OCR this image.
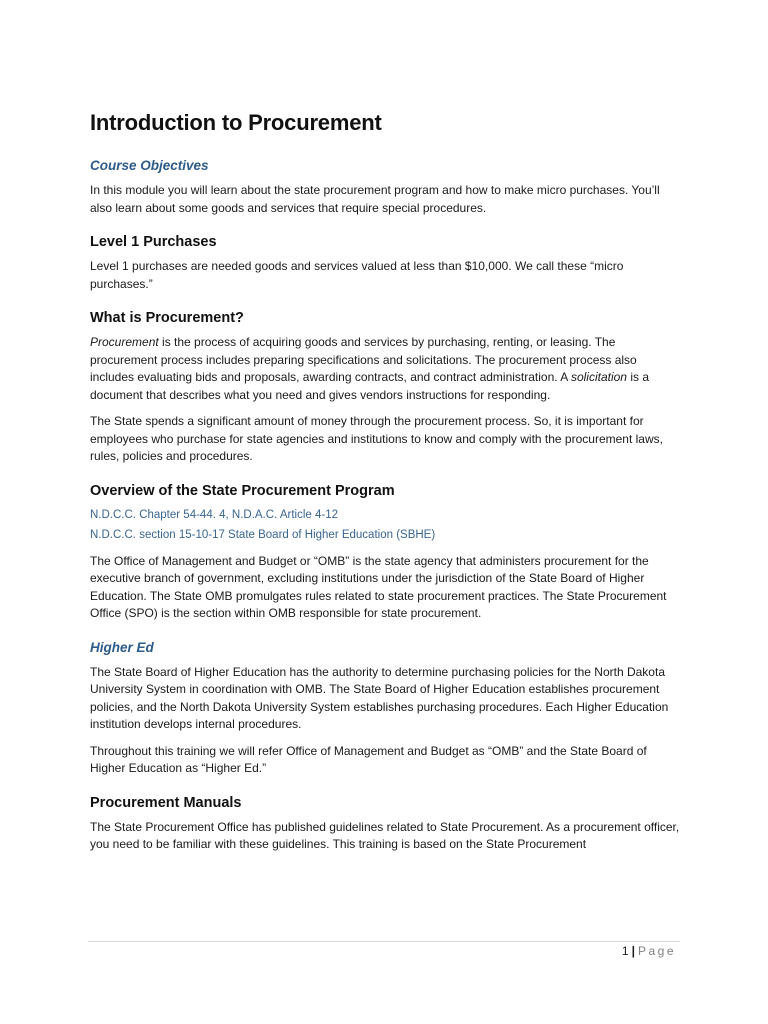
Introduction to Procurement
Course Objectives

In this module you will learn about the state procurement program and how to make micro purchases. You’ll also learn about some goods and services that require special procedures.

Level 1 Purchases

Level 1 purchases are needed goods and services valued at less than $10,000. We call these “micro purchases.”

What is Procurement?

Procurement is the process of acquiring goods and services by purchasing, renting, or leasing. The procurement process includes preparing specifications and solicitations. The procurement process also includes evaluating bids and proposals, awarding contracts, and contract administration. A solicitation is a document that describes what you need and gives vendors instructions for responding.

The State spends a significant amount of money through the procurement process. So, it is important for employees who purchase for state agencies and institutions to know and comply with the procurement laws, rules, policies and procedures.

Overview of the State Procurement Program

N.D.C.C. Chapter 54-44. 4, N.D.A.C. Article 4-12

N.D.C.C. section 15-10-17 State Board of Higher Education (SBHE)

The Office of Management and Budget or “OMB” is the state agency that administers procurement for the executive branch of government, excluding institutions under the jurisdiction of the State Board of Higher Education. The State OMB promulgates rules related to state procurement practices. The State Procurement Office (SPO) is the section within OMB responsible for state procurement.

Higher Ed

The State Board of Higher Education has the authority to determine purchasing policies for the North Dakota University System in coordination with OMB. The State Board of Higher Education establishes procurement policies, and the North Dakota University System establishes purchasing procedures. Each Higher Education institution develops internal procedures.

Throughout this training we will refer Office of Management and Budget as “OMB” and the State Board of Higher Education as “Higher Ed.”

Procurement Manuals

The State Procurement Office has published guidelines related to State Procurement. As a procurement officer, you need to be familiar with these guidelines. This training is based on the State Procurement

1 | Page
